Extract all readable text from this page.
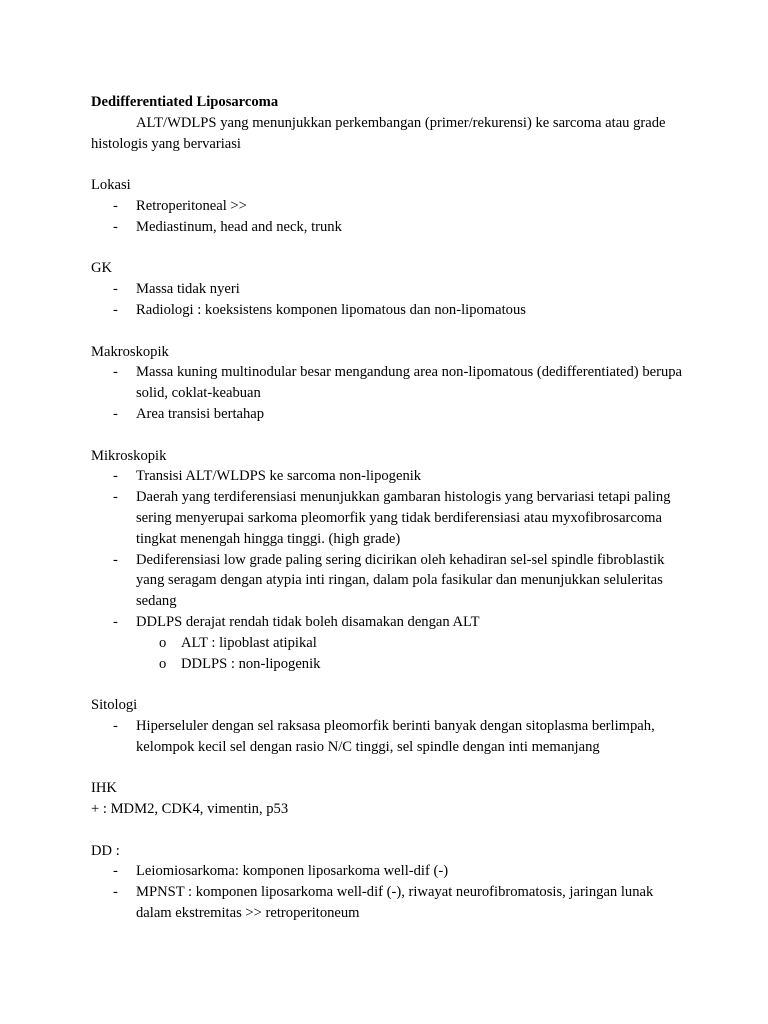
Dedifferentiated Liposarcoma

ALT/WDLPS yang menunjukkan perkembangan (primer/rekurensi) ke sarcoma atau grade histologis yang bervariasi

Lokasi

- Retroperitoneal >>
- Mediastinum, head and neck, trunk

GK

- Massa tidak nyeri
- Radiologi : koeksistens komponen lipomatous dan non-lipomatous

Makroskopik

- Massa kuning multinodular besar mengandung area non-lipomatous (dedifferentiated) berupa solid, coklat-keabuan
- Area transisi bertahap

Mikroskopik

- Transisi ALT/WLDPS ke sarcoma non-lipogenik
- Daerah yang terdiferensiasi menunjukkan gambaran histologis yang bervariasi tetapi paling sering menyerupai sarkoma pleomorfik yang tidak berdiferensiasi atau myxofibrosarcoma tingkat menengah hingga tinggi. (high grade)
- Dediferensiasi low grade paling sering dicirikan oleh kehadiran sel-sel spindle fibroblastik yang seragam dengan atypia inti ringan, dalam pola fasikular dan menunjukkan seluleritas sedang
- DDLPS derajat rendah tidak boleh disamakan dengan ALT
o ALT : lipoblast atipikal
o DDLPS : non-lipogenik

Sitologi

- Hiperseluler dengan sel raksasa pleomorfik berinti banyak dengan sitoplasma berlimpah, kelompok kecil sel dengan rasio N/C tinggi, sel spindle dengan inti memanjang

IHK

+ : MDM2, CDK4, vimentin, p53

DD :

- Leiomiosarkoma: komponen liposarkoma well-dif (-)
- MPNST : komponen liposarkoma well-dif (-), riwayat neurofibromatosis, jaringan lunak dalam ekstremitas >> retroperitoneum
